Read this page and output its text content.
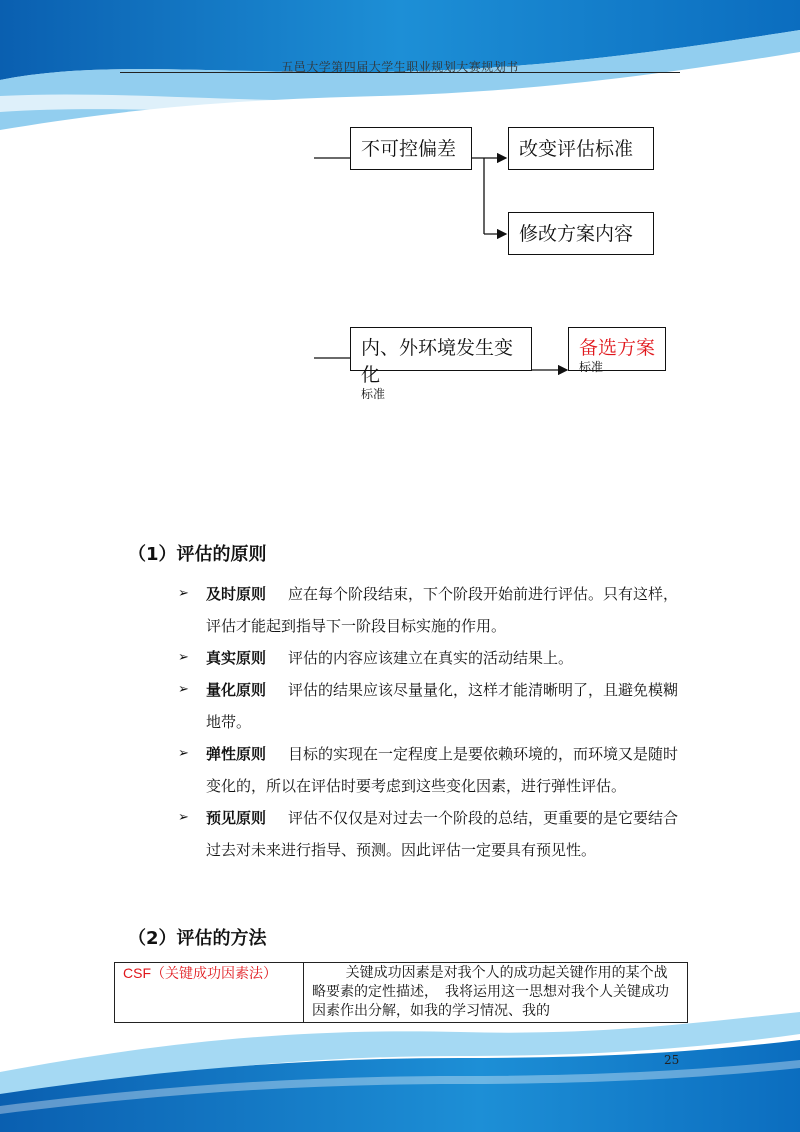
五邑大学第四届大学生职业规划大赛规划书
不可控偏差	改变评估标准
修改方案内容
内、外环境发生变化
标准
备选方案
标准
（1）评估的原则
➢ 及时原则 应在每个阶段结束，下个阶段开始前进行评估。只有这样，评估才能起到指导下一阶段目标实施的作用。
➢ 真实原则 评估的内容应该建立在真实的活动结果上。
➢ 量化原则 评估的结果应该尽量量化，这样才能清晰明了，且避免模糊地带。
➢ 弹性原则 目标的实现在一定程度上是要依赖环境的，而环境又是随时变化的，所以在评估时要考虑到这些变化因素，进行弹性评估。
➢ 预见原则 评估不仅仅是对过去一个阶段的总结，更重要的是它要结合过去对未来进行指导、预测。因此评估一定要具有预见性。
（2）评估的方法
CSF（关键成功因素法）	关键成功因素是对我个人的成功起关键作用的某个战略要素的定性描述，　我将运用这一思想对我个人关键成功因素作出分解，如我的学习情况、我的
25
